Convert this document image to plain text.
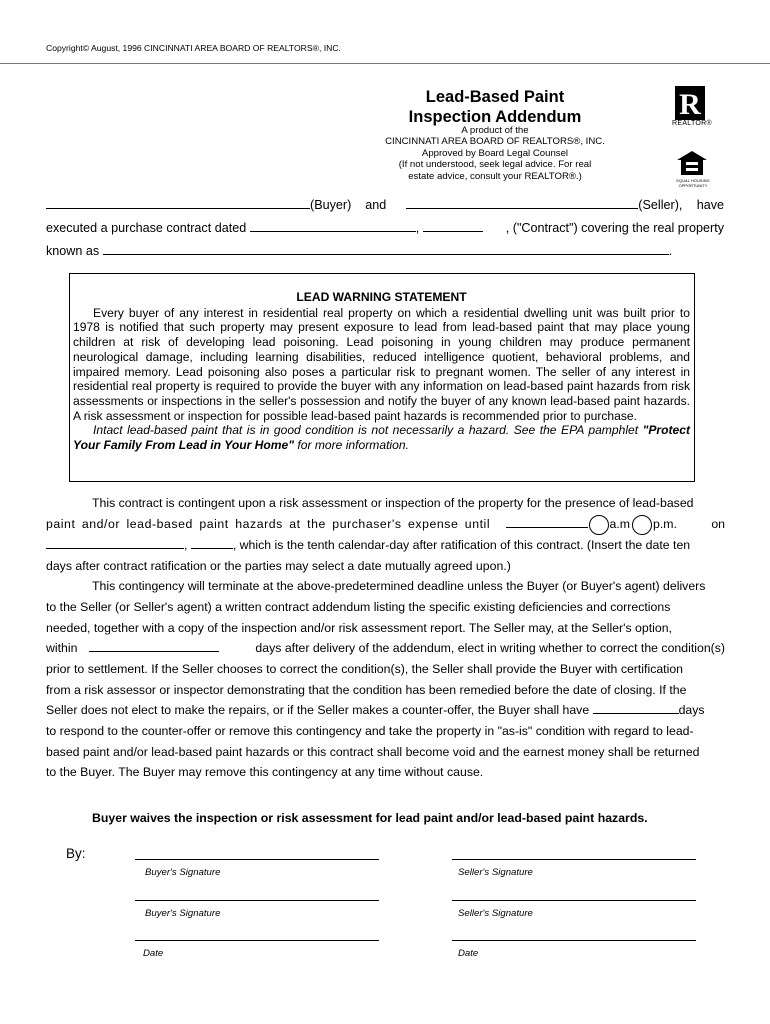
Copyright© August, 1996 CINCINNATI AREA BOARD OF REALTORS®, INC.
Lead-Based Paint
Inspection Addendum
A product of the
CINCINNATI AREA BOARD OF REALTORS®, INC.
Approved by Board Legal Counsel
(If not understood, seek legal advice. For real
estate advice, consult your REALTOR®.)
R
REALTOR®
EQUAL HOUSING OPPORTUNITY
(Buyer) and	(Seller), have
executed a purchase contract dated	,	, ("Contract") covering the real property
known as	.
LEAD WARNING STATEMENT
Every buyer of any interest in residential real property on which a residential dwelling unit was built prior to 1978 is notified that such property may present exposure to lead from lead-based paint that may place young children at risk of developing lead poisoning. Lead poisoning in young children may produce permanent neurological damage, including learning disabilities, reduced intelligence quotient, behavioral problems, and impaired memory. Lead poisoning also poses a particular risk to pregnant women. The seller of any interest in residential real property is required to provide the buyer with any information on lead-based paint hazards from risk assessments or inspections in the seller's possession and notify the buyer of any known lead-based paint hazards. A risk assessment or inspection for possible lead-based paint hazards is recommended prior to purchase.
Intact lead-based paint that is in good condition is not necessarily a hazard. See the EPA pamphlet "Protect Your Family From Lead in Your Home" for more information.
This contract is contingent upon a risk assessment or inspection of the property for the presence of lead-based
paint and/or lead-based paint hazards at the purchaser's expense until	a.m p.m.	on
,	, which is the tenth calendar-day after ratification of this contract. (Insert the date ten
days after contract ratification or the parties may select a date mutually agreed upon.)
This contingency will terminate at the above-predetermined deadline unless the Buyer (or Buyer's agent) delivers
to the Seller (or Seller's agent) a written contract addendum listing the specific existing deficiencies and corrections
needed, together with a copy of the inspection and/or risk assessment report. The Seller may, at the Seller's option,
within	days after delivery of the addendum, elect in writing whether to correct the condition(s)
prior to settlement. If the Seller chooses to correct the condition(s), the Seller shall provide the Buyer with certification
from a risk assessor or inspector demonstrating that the condition has been remedied before the date of closing. If the
Seller does not elect to make the repairs, or if the Seller makes a counter-offer, the Buyer shall have	days
to respond to the counter-offer or remove this contingency and take the property in "as-is" condition with regard to lead-
based paint and/or lead-based paint hazards or this contract shall become void and the earnest money shall be returned
to the Buyer. The Buyer may remove this contingency at any time without cause.
Buyer waives the inspection or risk assessment for lead paint and/or lead-based paint hazards.
By:
Buyer's Signature	Seller's Signature
Buyer's Signature	Seller's Signature
Date	Date
